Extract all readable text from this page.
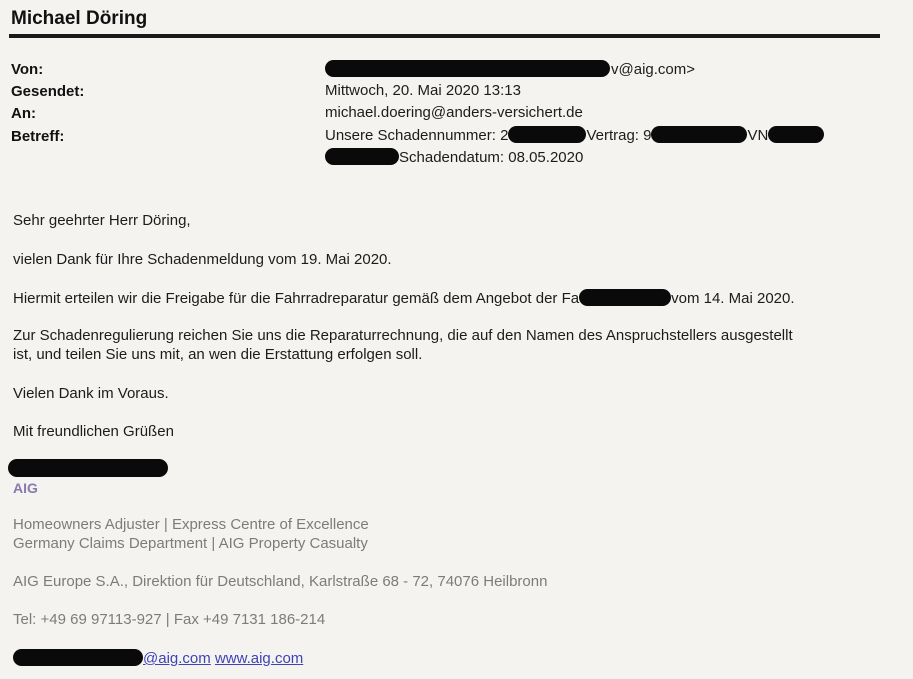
Michael Döring
Von:	v@aig.com>
Gesendet:	Mittwoch, 20. Mai 2020 13:13
An:	michael.doering@anders-versichert.de
Betreff:	Unsere Schadennummer: 2	Vertrag: 9	VN
Schadendatum: 08.05.2020
Sehr geehrter Herr Döring,
vielen Dank für Ihre Schadenmeldung vom 19. Mai 2020.
Hiermit erteilen wir die Freigabe für die Fahrradreparatur gemäß dem Angebot der Fa	vom 14. Mai 2020.
Zur Schadenregulierung reichen Sie uns die Reparaturrechnung, die auf den Namen des Anspruchstellers ausgestellt
ist, und teilen Sie uns mit, an wen die Erstattung erfolgen soll.
Vielen Dank im Voraus.
Mit freundlichen Grüßen
AIG
Homeowners Adjuster | Express Centre of Excellence
Germany Claims Department | AIG Property Casualty
AIG Europe S.A., Direktion für Deutschland, Karlstraße 68 - 72, 74076 Heilbronn
Tel: +49 69 97113-927 | Fax +49 7131 186-214
@aig.com www.aig.com
